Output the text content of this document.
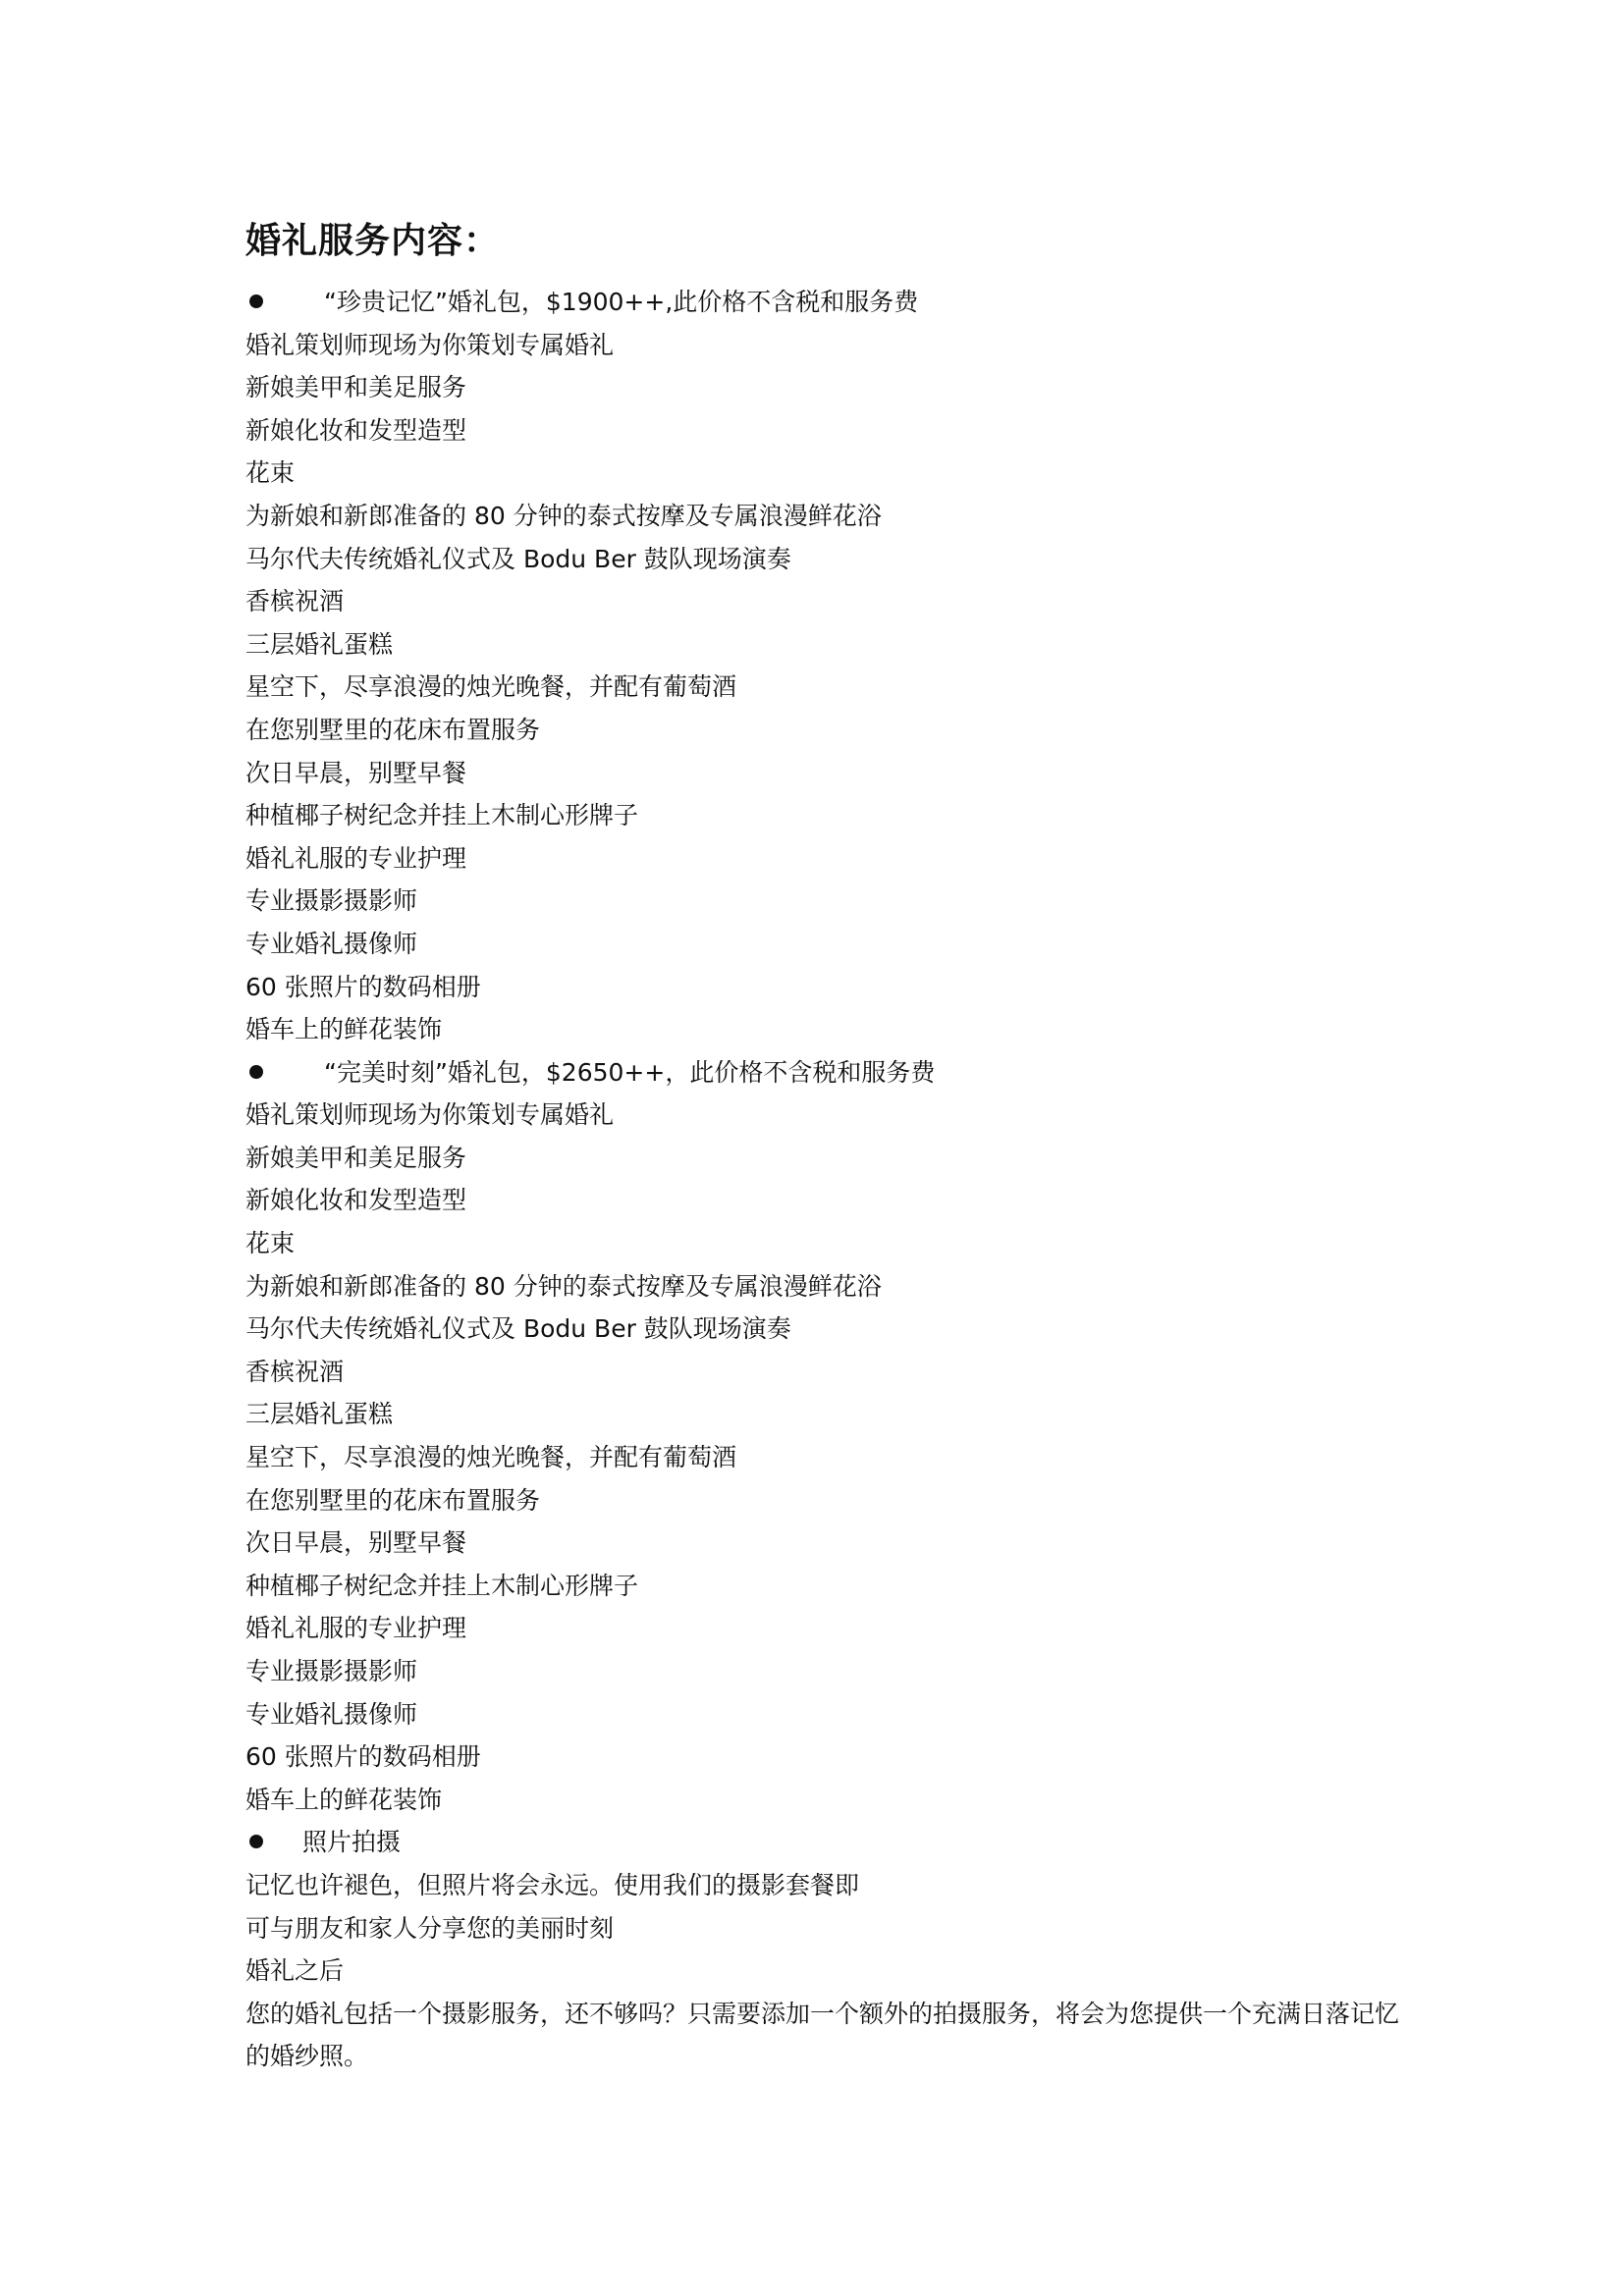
婚礼服务内容：

“珍贵记忆”婚礼包，$1900++,此价格不含税和服务费

婚礼策划师现场为你策划专属婚礼

新娘美甲和美足服务

新娘化妆和发型造型

花束

为新娘和新郎准备的 80 分钟的泰式按摩及专属浪漫鲜花浴

马尔代夫传统婚礼仪式及 Bodu Ber 鼓队现场演奏

香槟祝酒

三层婚礼蛋糕

星空下，尽享浪漫的烛光晚餐，并配有葡萄酒

在您别墅里的花床布置服务

次日早晨，别墅早餐

种植椰子树纪念并挂上木制心形牌子

婚礼礼服的专业护理

专业摄影摄影师

专业婚礼摄像师

60 张照片的数码相册

婚车上的鲜花装饰

“完美时刻”婚礼包，$2650++，此价格不含税和服务费

婚礼策划师现场为你策划专属婚礼

新娘美甲和美足服务

新娘化妆和发型造型

花束

为新娘和新郎准备的 80 分钟的泰式按摩及专属浪漫鲜花浴

马尔代夫传统婚礼仪式及 Bodu Ber 鼓队现场演奏

香槟祝酒

三层婚礼蛋糕

星空下，尽享浪漫的烛光晚餐，并配有葡萄酒

在您别墅里的花床布置服务

次日早晨，别墅早餐

种植椰子树纪念并挂上木制心形牌子

婚礼礼服的专业护理

专业摄影摄影师

专业婚礼摄像师

60 张照片的数码相册

婚车上的鲜花装饰

照片拍摄

记忆也许褪色，但照片将会永远。使用我们的摄影套餐即

可与朋友和家人分享您的美丽时刻

婚礼之后

您的婚礼包括一个摄影服务，还不够吗？只需要添加一个额外的拍摄服务，将会为您提供一个充满日落记忆的婚纱照。
